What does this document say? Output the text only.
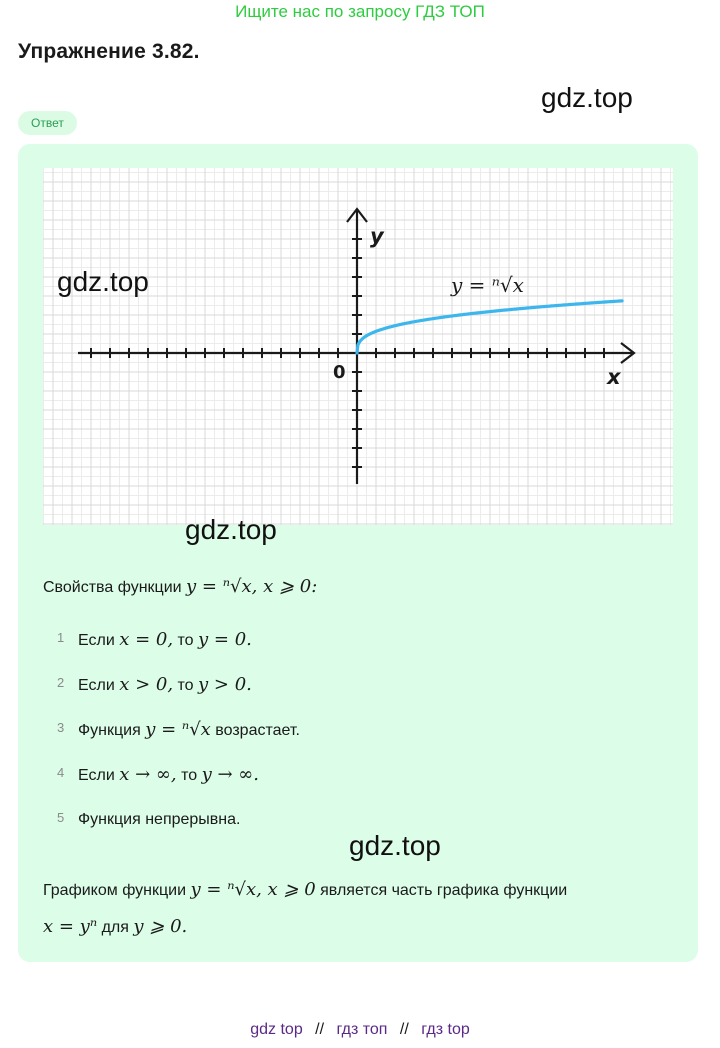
Ищите нас по запросу ГДЗ ТОП
Упражнение 3.82.
gdz.top
Ответ
y
x
0
y = ⁿ√x
gdz.top
gdz.top
Свойства функции y = ⁿ√x, x ⩾ 0:
1 Если x = 0, то y = 0.
2 Если x > 0, то y > 0.
3 Функция y = ⁿ√x возрастает.
4 Если x → ∞, то y → ∞.
5 Функция непрерывна.
gdz.top
Графиком функции y = ⁿ√x, x ⩾ 0 является часть графика функции
x = yⁿ для y ⩾ 0.
gdz top // гдз топ // гдз top
